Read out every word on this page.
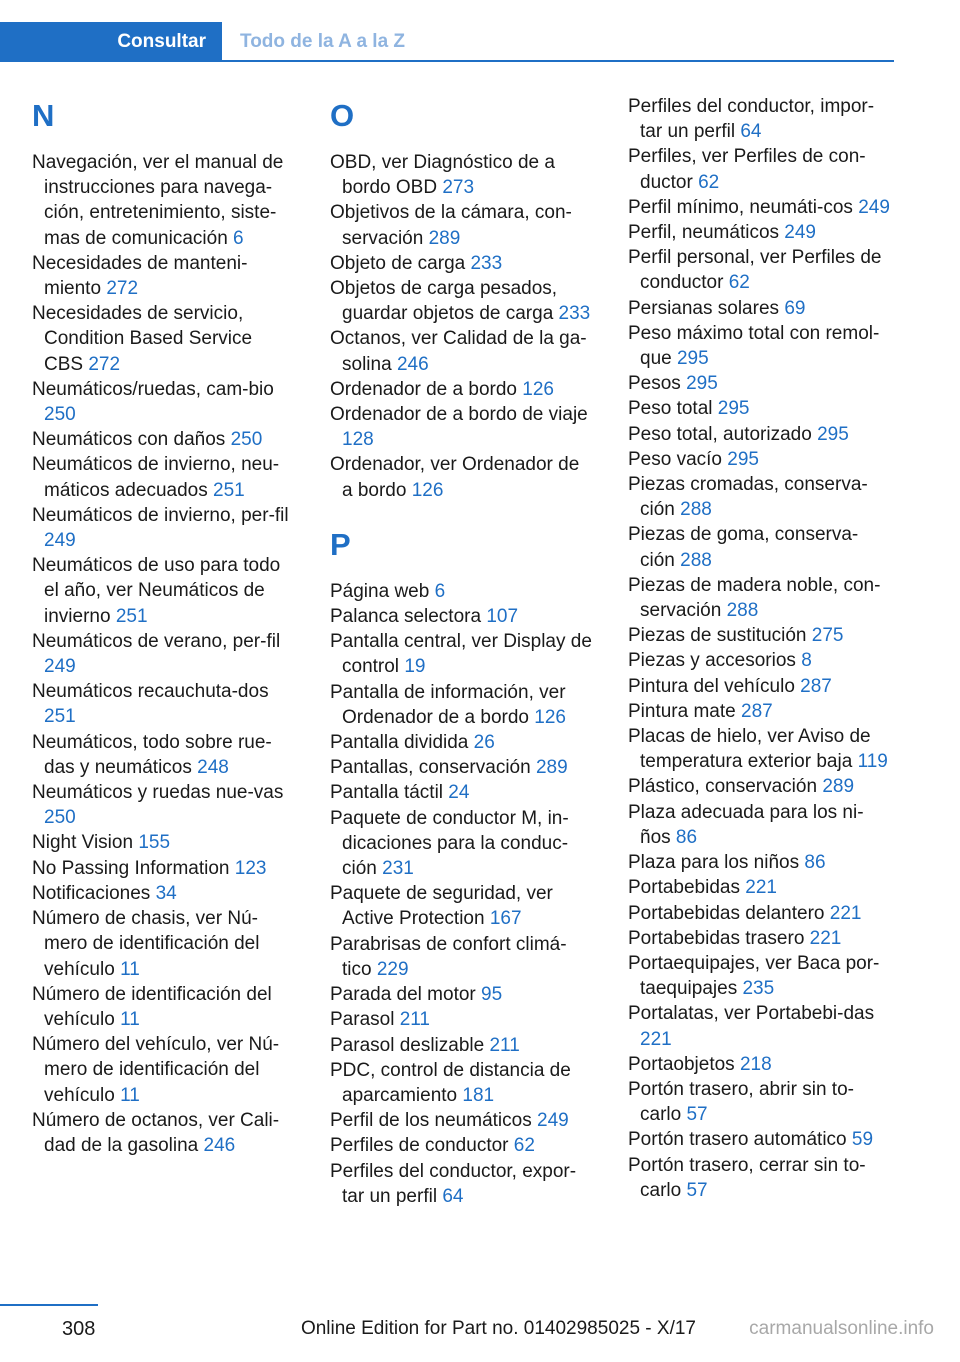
Consultar	Todo de la A a la Z
N
Navegación, ver el manual de instrucciones para navega‐ción, entretenimiento, siste‐mas de comunicación 6
Necesidades de manteni‐miento 272
Necesidades de servicio, Condition Based Service CBS 272
Neumáticos/ruedas, cam‐bio 250
Neumáticos con daños 250
Neumáticos de invierno, neu‐máticos adecuados 251
Neumáticos de invierno, per‐fil 249
Neumáticos de uso para todo el año, ver Neumáticos de invierno 251
Neumáticos de verano, per‐fil 249
Neumáticos recauchuta‐dos 251
Neumáticos, todo sobre rue‐das y neumáticos 248
Neumáticos y ruedas nue‐vas 250
Night Vision 155
No Passing Information 123
Notificaciones 34
Número de chasis, ver Nú‐mero de identificación del vehículo 11
Número de identificación del vehículo 11
Número del vehículo, ver Nú‐mero de identificación del vehículo 11
Número de octanos, ver Cali‐dad de la gasolina 246
O
OBD, ver Diagnóstico de a bordo OBD 273
Objetivos de la cámara, con‐servación 289
Objeto de carga 233
Objetos de carga pesados, guardar objetos de carga 233
Octanos, ver Calidad de la ga‐solina 246
Ordenador de a bordo 126
Ordenador de a bordo de viaje 128
Ordenador, ver Ordenador de a bordo 126
P
Página web 6
Palanca selectora 107
Pantalla central, ver Display de control 19
Pantalla de información, ver Ordenador de a bordo 126
Pantalla dividida 26
Pantallas, conservación 289
Pantalla táctil 24
Paquete de conductor M, in‐dicaciones para la conduc‐ción 231
Paquete de seguridad, ver Active Protection 167
Parabrisas de confort climá‐tico 229
Parada del motor 95
Parasol 211
Parasol deslizable 211
PDC, control de distancia de aparcamiento 181
Perfil de los neumáticos 249
Perfiles de conductor 62
Perfiles del conductor, expor‐tar un perfil 64
Perfiles del conductor, impor‐tar un perfil 64
Perfiles, ver Perfiles de con‐ductor 62
Perfil mínimo, neumáti‐cos 249
Perfil, neumáticos 249
Perfil personal, ver Perfiles de conductor 62
Persianas solares 69
Peso máximo total con remol‐que 295
Pesos 295
Peso total 295
Peso total, autorizado 295
Peso vacío 295
Piezas cromadas, conserva‐ción 288
Piezas de goma, conserva‐ción 288
Piezas de madera noble, con‐servación 288
Piezas de sustitución 275
Piezas y accesorios 8
Pintura del vehículo 287
Pintura mate 287
Placas de hielo, ver Aviso de temperatura exterior baja 119
Plástico, conservación 289
Plaza adecuada para los ni‐ños 86
Plaza para los niños 86
Portabebidas 221
Portabebidas delantero 221
Portabebidas trasero 221
Portaequipajes, ver Baca por‐taequipajes 235
Portalatas, ver Portabebi‐das 221
Portaobjetos 218
Portón trasero, abrir sin to‐carlo 57
Portón trasero automático 59
Portón trasero, cerrar sin to‐carlo 57
308	Online Edition for Part no. 01402985025 - X/17	carmanualsonline.info
